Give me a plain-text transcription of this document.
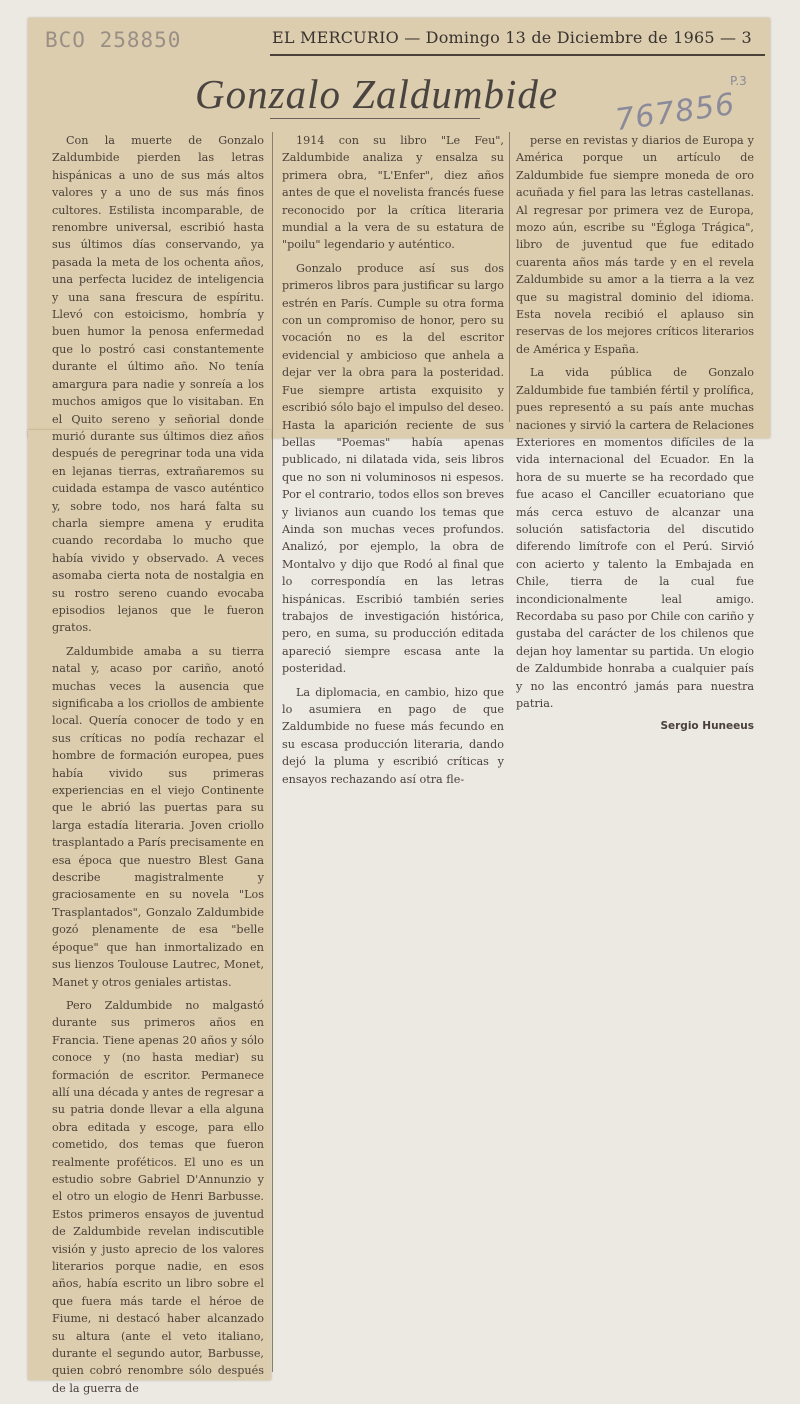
BCO 258850	EL MERCURIO — Domingo 13 de Diciembre de 1965 — 3
Gonzalo Zaldumbide	P.3
767856

Con la muerte de Gonzalo Zaldumbide pierden las letras hispánicas a uno de sus más altos valores y a uno de sus más finos cultores. Estilista incomparable, de renombre universal, escribió hasta sus últimos días conservando, ya pasada la meta de los ochenta años, una perfecta lucidez de inteligencia y una sana frescura de espíritu. Llevó con estoicismo, hombría y buen humor la penosa enfermedad que lo postró casi constantemente durante el último año. No tenía amargura para nadie y sonreía a los muchos amigos que lo visitaban. En el Quito sereno y señorial donde murió durante sus últimos diez años después de peregrinar toda una vida en lejanas tierras, extrañaremos su cuidada estampa de vasco auténtico y, sobre todo, nos hará falta su charla siempre amena y erudita cuando recordaba lo mucho que había vivido y observado. A veces asomaba cierta nota de nostalgia en su rostro sereno cuando evocaba episodios lejanos que le fueron gratos.

Zaldumbide amaba a su tierra natal y, acaso por cariño, anotó muchas veces la ausencia que significaba a los criollos de ambiente local. Quería conocer de todo y en sus críticas no podía rechazar el hombre de formación europea, pues había vivido sus primeras experiencias en el viejo Continente que le abrió las puertas para su larga estadía literaria. Joven criollo trasplantado a París precisamente en esa época que nuestro Blest Gana describe magistralmente y graciosamente en su novela "Los Trasplantados", Gonzalo Zaldumbide gozó plenamente de esa "belle époque" que han inmortalizado en sus lienzos Toulouse Lautrec, Monet, Manet y otros geniales artistas.

Pero Zaldumbide no malgastó durante sus primeros años en Francia. Tiene apenas 20 años y sólo conoce y (no hasta mediar) su formación de escritor. Permanece allí una década y antes de regresar a su patria donde llevar a ella alguna obra editada y escoge, para ello cometido, dos temas que fueron realmente proféticos. El uno es un estudio sobre Gabriel D'Annunzio y el otro un elogio de Henri Barbusse. Estos primeros ensayos de juventud de Zaldumbide revelan indiscutible visión y justo aprecio de los valores literarios porque nadie, en esos años, había escrito un libro sobre el que fuera más tarde el héroe de Fiume, ni destacó haber alcanzado su altura (ante el veto italiano, durante el segundo autor, Barbusse, quien cobró renombre sólo después de la guerra de

1914 con su libro "Le Feu", Zaldumbide analiza y ensalza su primera obra, "L'Enfer", diez años antes de que el novelista francés fuese reconocido por la crítica literaria mundial a la vera de su estatura de "poilu" legendario y auténtico.

Gonzalo produce así sus dos primeros libros para justificar su largo estrén en París. Cumple su otra forma con un compromiso de honor, pero su vocación no es la del escritor evidencial y ambicioso que anhela a dejar ver la obra para la posteridad. Fue siempre artista exquisito y escribió sólo bajo el impulso del deseo. Hasta la aparición reciente de sus bellas "Poemas" había apenas publicado, ni dilatada vida, seis libros que no son ni voluminosos ni espesos. Por el contrario, todos ellos son breves y livianos aun cuando los temas que Ainda son muchas veces profundos. Analizó, por ejemplo, la obra de Montalvo y dijo que Rodó al final que lo correspondía en las letras hispánicas. Escribió también series trabajos de investigación histórica, pero, en suma, su producción editada apareció siempre escasa ante la posteridad.

La diplomacia, en cambio, hizo que lo asumiera en pago de que Zaldumbide no fuese más fecundo en su escasa producción literaria, dando dejó la pluma y escribió críticas y ensayos rechazando así otra fle-

perse en revistas y diarios de Europa y América porque un artículo de Zaldumbide fue siempre moneda de oro acuñada y fiel para las letras castellanas. Al regresar por primera vez de Europa, mozo aún, escribe su "Égloga Trágica", libro de juventud que fue editado cuarenta años más tarde y en el revela Zaldumbide su amor a la tierra a la vez que su magistral dominio del idioma. Esta novela recibió el aplauso sin reservas de los mejores críticos literarios de América y España.

La vida pública de Gonzalo Zaldumbide fue también fértil y prolífica, pues representó a su país ante muchas naciones y sirvió la cartera de Relaciones Exteriores en momentos difíciles de la vida internacional del Ecuador. En la hora de su muerte se ha recordado que fue acaso el Canciller ecuatoriano que más cerca estuvo de alcanzar una solución satisfactoria del discutido diferendo limítrofe con el Perú. Sirvió con acierto y talento la Embajada en Chile, tierra de la cual fue incondicionalmente leal amigo. Recordaba su paso por Chile con cariño y gustaba del carácter de los chilenos que dejan hoy lamentar su partida. Un elogio de Zaldumbide honraba a cualquier país y no las encontró jamás para nuestra patria.

Sergio Huneeus
